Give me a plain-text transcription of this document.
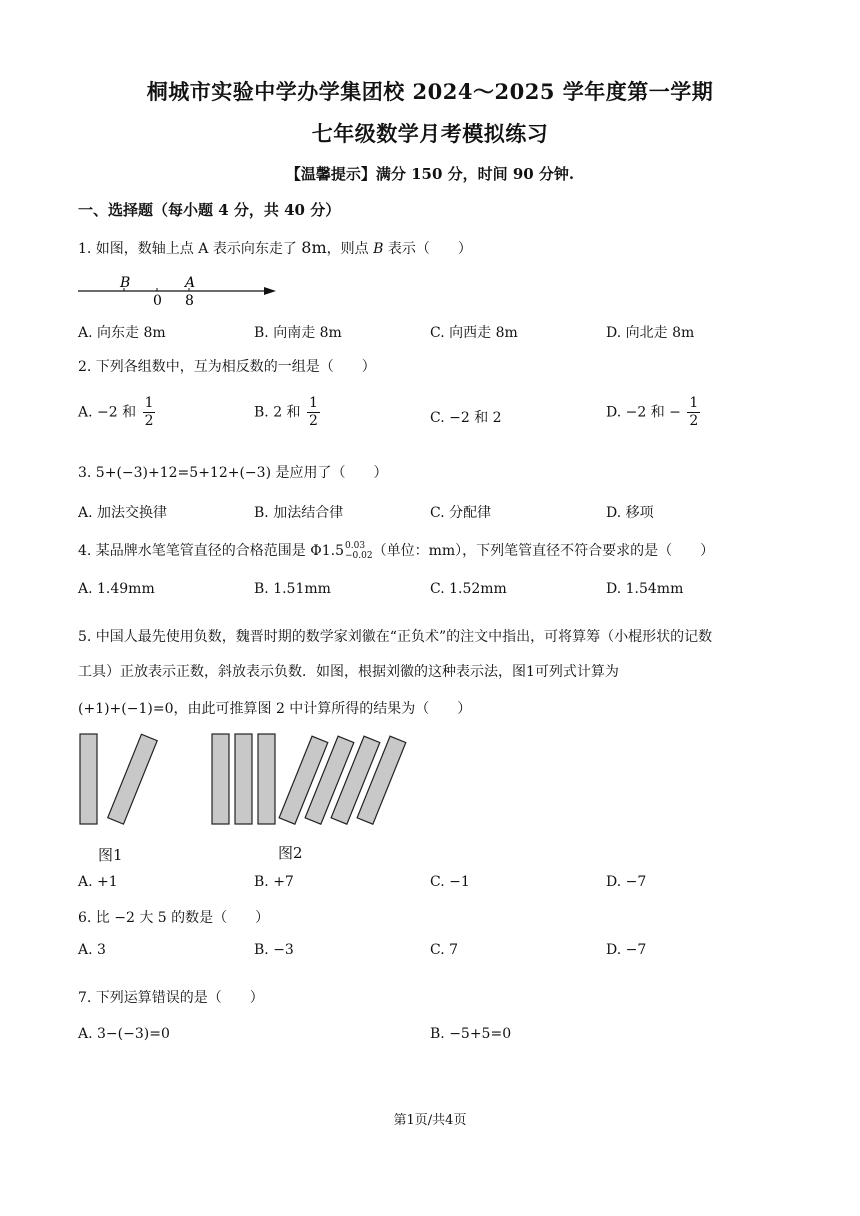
桐城市实验中学办学集团校 2024～2025 学年度第一学期
七年级数学月考模拟练习
【温馨提示】满分 150 分，时间 90 分钟.
一、选择题（每小题 4 分，共 40 分）
1. 如图，数轴上点 A 表示向东走了 8m，则点 B 表示（　　）
B	A
0 8
A. 向东走 8m	B. 向南走 8m	C. 向西走 8m	D. 向北走 8m
2. 下列各组数中，互为相反数的一组是（　　）
A. −2 和 $\frac{1}{2}$	B. 2 和 $\frac{1}{2}$	C. −2 和 2	D. −2 和 − $\frac{1}{2}$
3. 5+(−3)+12=5+12+(−3) 是应用了（　　）
A. 加法交换律	B. 加法结合律	C. 分配律	D. 移项
4. 某品牌水笔笔管直径的合格范围是 Φ1.5 0.03
−0.02 （单位：mm），下列笔管直径不符合要求的是（　　）
A. 1.49mm	B. 1.51mm	C. 1.52mm	D. 1.54mm
5. 中国人最先使用负数，魏晋时期的数学家刘徽在“正负术”的注文中指出，可将算筹（小棍形状的记数
工具）正放表示正数，斜放表示负数．如图，根据刘徽的这种表示法，图1可列式计算为
(+1)+(−1)=0，由此可推算图 2 中计算所得的结果为（　　）
图1	图2
A. +1	B. +7	C. −1	D. −7
6. 比 −2 大 5 的数是（　　）
A. 3	B. −3	C. 7	D. −7
7. 下列运算错误的是（　　）
A. 3−(−3)=0	B. −5+5=0
第1页/共4页
